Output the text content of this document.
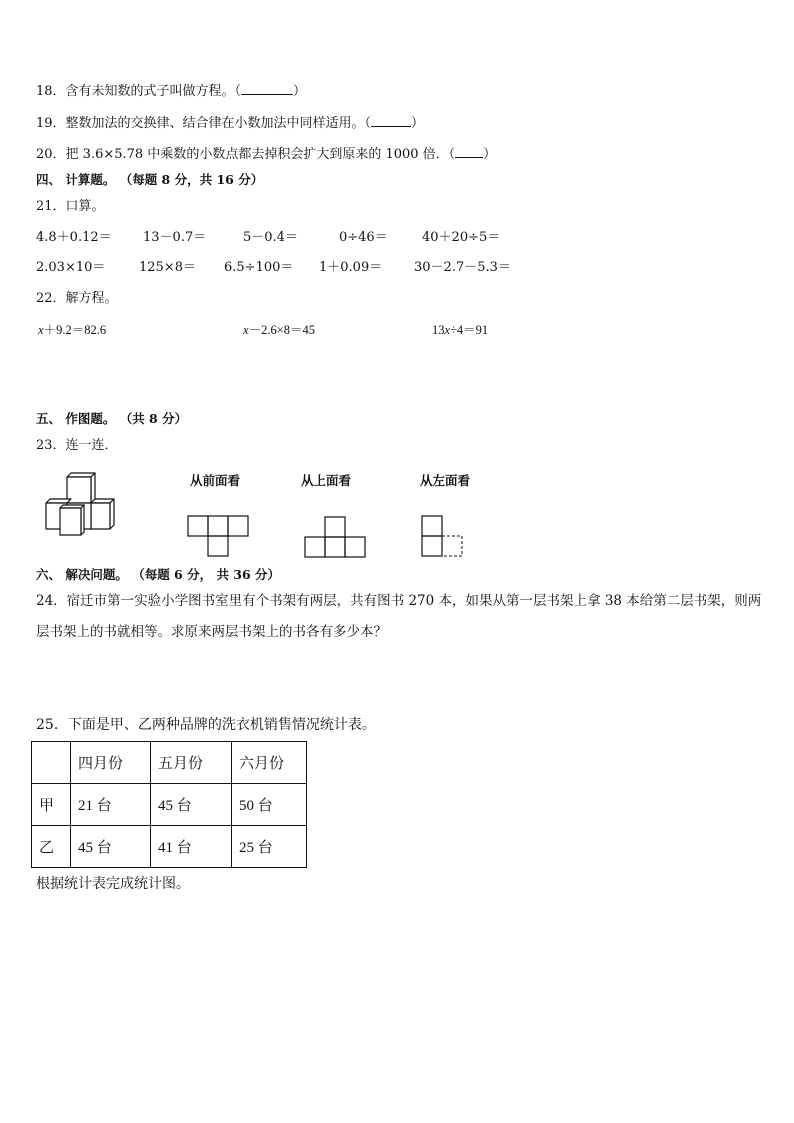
18．含有未知数的式子叫做方程。（	）
19．整数加法的交换律、结合律在小数加法中同样适用。（	）
20．把 3.6×5.78 中乘数的小数点都去掉积会扩大到原来的 1000 倍．（ ）
四、 计算题。 （每题 8 分，共 16 分）
21．口算。
4.8＋0.12＝ 13－0.7＝	5－0.4＝	0÷46＝	40＋20÷5＝
2.03×10＝	125×8＝ 6.5÷100＝ 1＋0.09＝ 30－2.7－5.3＝
22．解方程。
x＋9.2＝82.6	x－2.6×8＝45	13x÷4＝91
五、 作图题。 （共 8 分）
23．连一连．
从前面看	从上面看	从左面看
六、 解决问题。 （每题 6 分， 共 36 分）
24．宿迁市第一实验小学图书室里有个书架有两层，共有图书 270 本，如果从第一层书架上拿 38 本给第二层书架，则两层书架上的书就相等。求原来两层书架上的书各有多少本？
25．下面是甲、乙两种品牌的洗衣机销售情况统计表。
	四月份	五月份	六月份
甲	21 台	45 台	50 台
乙	45 台	41 台	25 台
根据统计表完成统计图。
